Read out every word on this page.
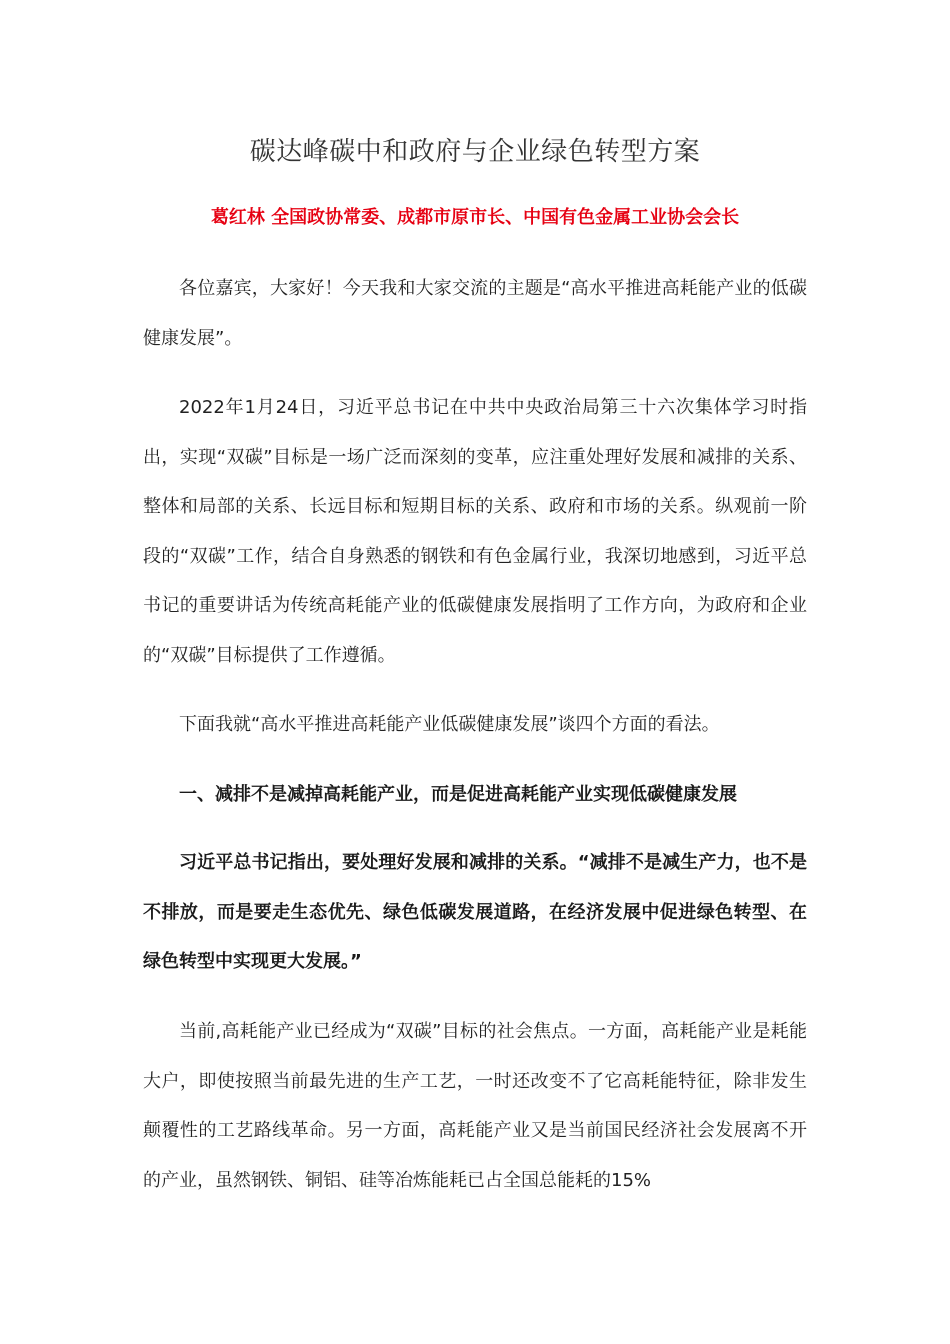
碳达峰碳中和政府与企业绿色转型方案
葛红林 全国政协常委、成都市原市长、中国有色金属工业协会会长

各位嘉宾，大家好！今天我和大家交流的主题是“高水平推进高耗能产业的低碳健康发展”。

2022年1月24日，习近平总书记在中共中央政治局第三十六次集体学习时指出，实现“双碳”目标是一场广泛而深刻的变革，应注重处理好发展和减排的关系、整体和局部的关系、长远目标和短期目标的关系、政府和市场的关系。纵观前一阶段的“双碳”工作，结合自身熟悉的钢铁和有色金属行业，我深切地感到，习近平总书记的重要讲话为传统高耗能产业的低碳健康发展指明了工作方向，为政府和企业的“双碳”目标提供了工作遵循。

下面我就“高水平推进高耗能产业低碳健康发展”谈四个方面的看法。

一、减排不是减掉高耗能产业，而是促进高耗能产业实现低碳健康发展

习近平总书记指出，要处理好发展和减排的关系。“减排不是减生产力，也不是不排放，而是要走生态优先、绿色低碳发展道路，在经济发展中促进绿色转型、在绿色转型中实现更大发展。”

当前,高耗能产业已经成为“双碳”目标的社会焦点。一方面，高耗能产业是耗能大户，即使按照当前最先进的生产工艺，一时还改变不了它高耗能特征，除非发生颠覆性的工艺路线革命。另一方面，高耗能产业又是当前国民经济社会发展离不开的产业，虽然钢铁、铜铝、硅等冶炼能耗已占全国总能耗的15%
